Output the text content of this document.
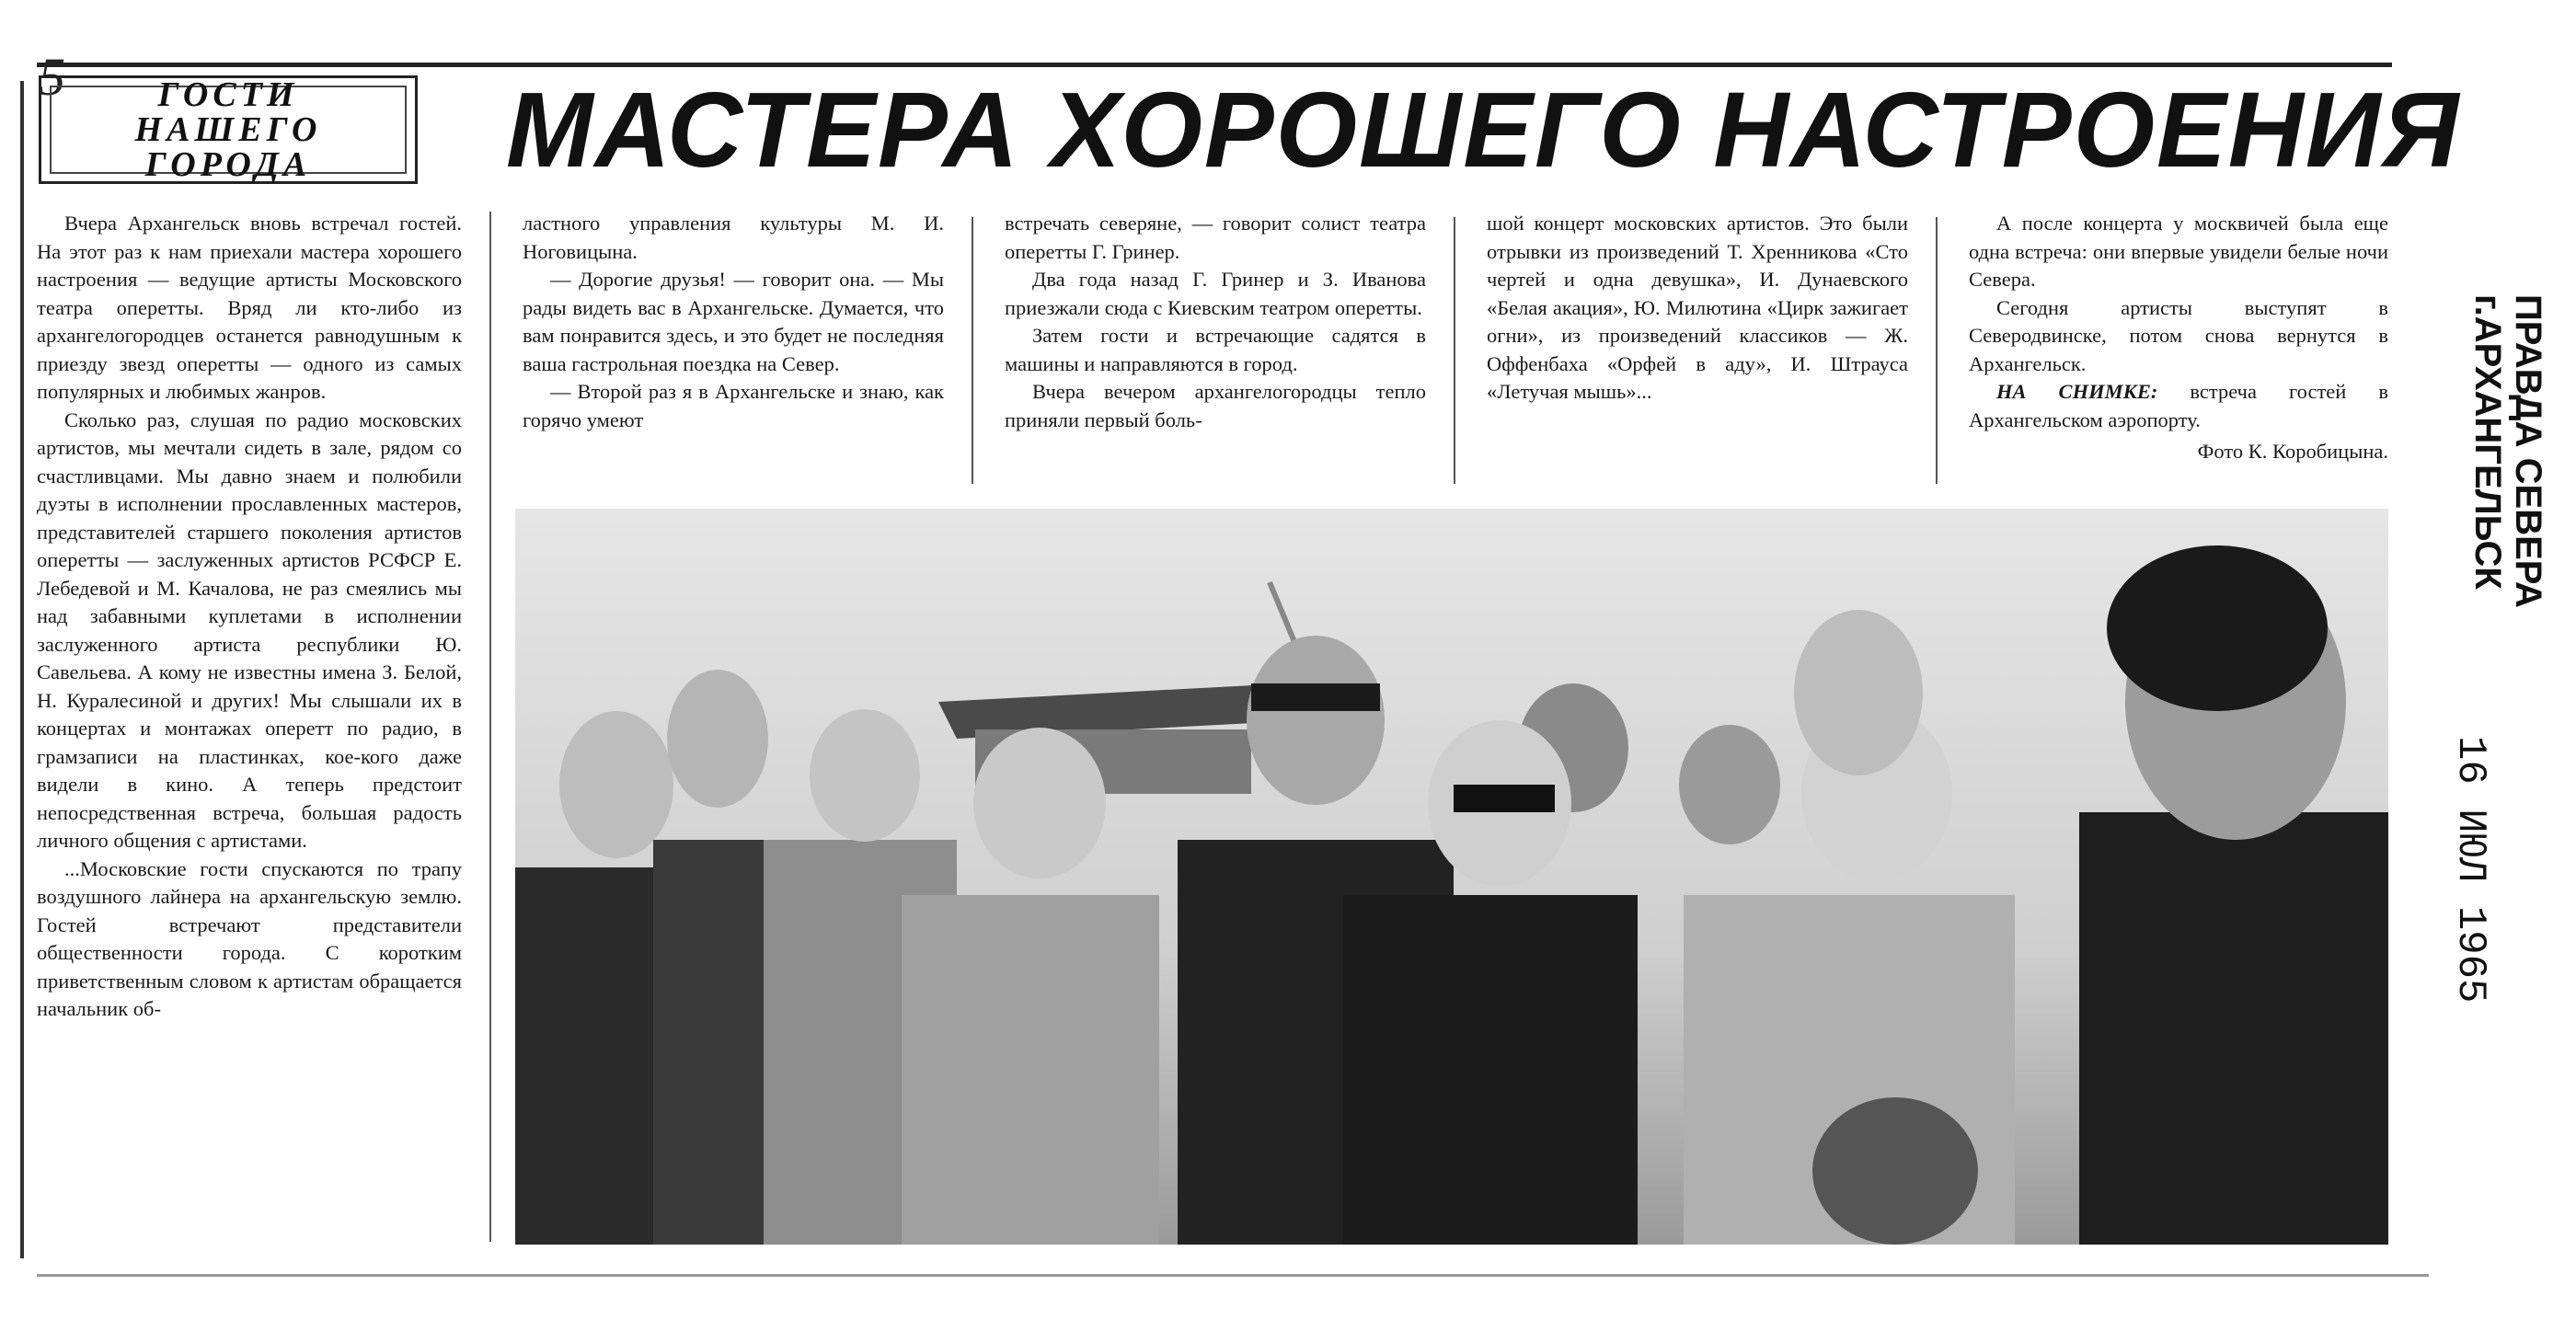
5	ГОСТИ
НАШЕГО
ГОРОДА МАСТЕРА ХОРОШЕГО НАСТРОЕНИЯ

Вчера Архангельск вновь встречал гостей. На этот раз к нам приехали мастера хорошего настроения — ведущие артисты Московского театра оперетты. Вряд ли кто-либо из архангелогородцев останется равнодушным к приезду звезд оперетты — одного из самых популярных и любимых жанров.

Сколько раз, слушая по радио московских артистов, мы мечтали сидеть в зале, рядом со счастливцами. Мы давно знаем и полюбили дуэты в исполнении прославленных мастеров, представителей старшего поколения артистов оперетты — заслуженных артистов РСФСР Е. Лебедевой и М. Качалова, не раз смеялись мы над забавными куплетами в исполнении заслуженного артиста республики Ю. Савельева. А кому не известны имена З. Белой, Н. Куралесиной и других! Мы слышали их в концертах и монтажах оперетт по радио, в грамзаписи на пластинках, кое-кого даже видели в кино. А теперь предстоит непосредственная встреча, большая радость личного общения с артистами.

...Московские гости спускаются по трапу воздушного лайнера на архангельскую землю. Гостей встречают представители общественности города. С коротким приветственным словом к артистам обращается начальник об-

ластного управления культуры М. И. Ноговицына.

— Дорогие друзья! — говорит она. — Мы рады видеть вас в Архангельске. Думается, что вам понравится здесь, и это будет не последняя ваша гастрольная поездка на Север.

— Второй раз я в Архангельске и знаю, как горячо умеют

встречать северяне, — говорит солист театра оперетты Г. Гринер.

Два года назад Г. Гринер и З. Иванова приезжали сюда с Киевским театром оперетты.

Затем гости и встречающие садятся в машины и направляются в город.

Вчера вечером архангелогородцы тепло приняли первый боль-

шой концерт московских артистов. Это были отрывки из произведений Т. Хренникова «Сто чертей и одна девушка», И. Дунаевского «Белая акация», Ю. Милютина «Цирк зажигает огни», из произведений классиков — Ж. Оффенбаха «Орфей в аду», И. Штрауса «Летучая мышь»...

А после концерта у москвичей была еще одна встреча: они впервые увидели белые ночи Севера.

Сегодня артисты выступят в Северодвинске, потом снова вернутся в Архангельск.

НА СНИМКЕ: встреча гостей в Архангельском аэропорту.

Фото К. Коробицына.	ПРАВДА СЕВЕРА
г.АРХАНГЕЛЬСК
16 ИЮЛ 1965
